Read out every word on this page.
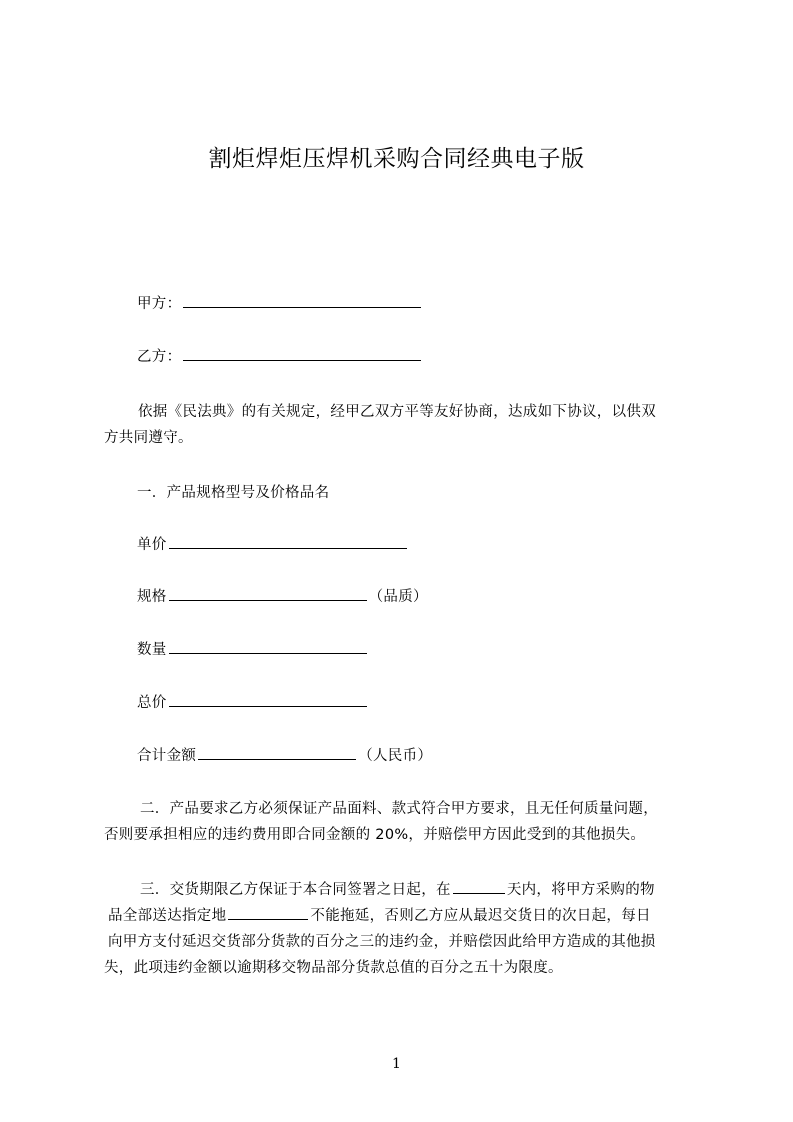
割炬焊炬压焊机采购合同经典电子版
甲方：
乙方：
依据《民法典》的有关规定，经甲乙双方平等友好协商，达成如下协议，以供双
方共同遵守。
一．产品规格型号及价格品名
单价
规格	（品质）
数量
总价
合计金额	（人民币）
二．产品要求乙方必须保证产品面料、款式符合甲方要求，且无任何质量问题，
否则要承担相应的违约费用即合同金额的 20%，并赔偿甲方因此受到的其他损失。
三．交货期限乙方保证于本合同签署之日起，在	天内，将甲方采购的物
品全部送达指定地	不能拖延，否则乙方应从最迟交货日的次日起，每日
向甲方支付延迟交货部分货款的百分之三的违约金，并赔偿因此给甲方造成的其他损
失，此项违约金额以逾期移交物品部分货款总值的百分之五十为限度。
1
